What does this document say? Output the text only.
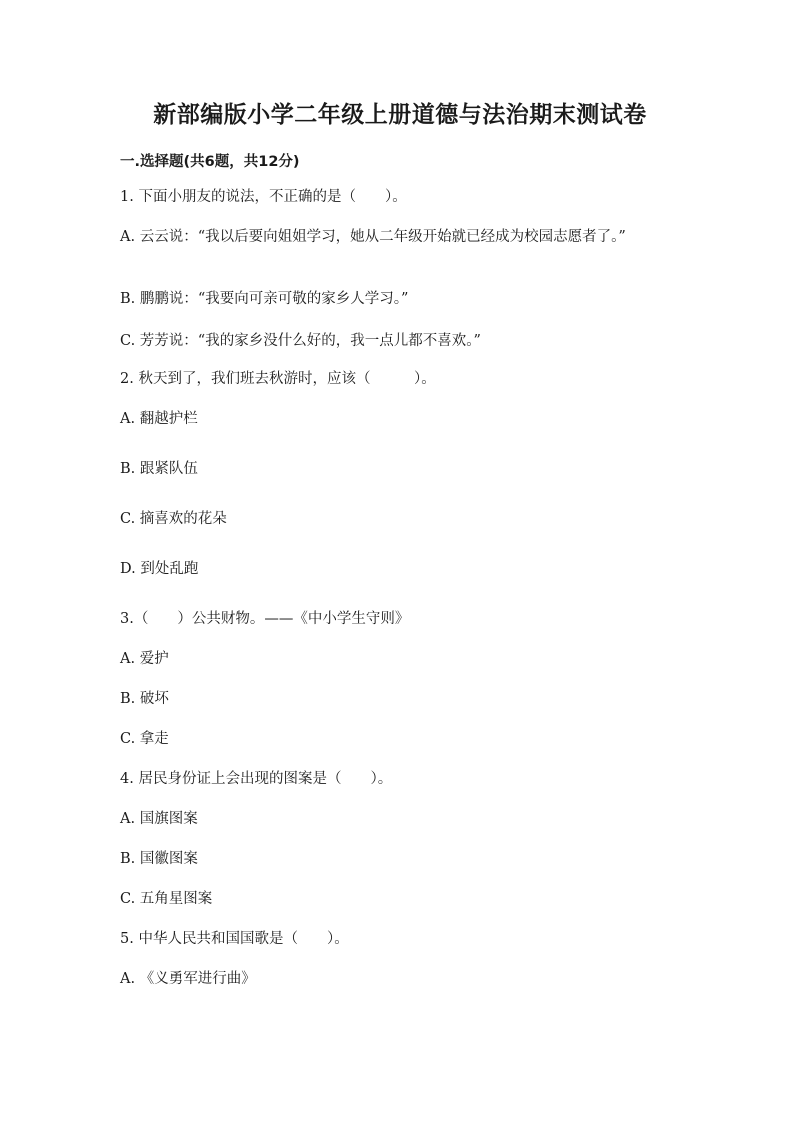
新部编版小学二年级上册道德与法治期末测试卷
一.选择题(共6题，共12分)
1. 下面小朋友的说法，不正确的是（　　）。
A. 云云说：“我以后要向姐姐学习，她从二年级开始就已经成为校园志愿者了。”
B. 鹏鹏说：“我要向可亲可敬的家乡人学习。”
C. 芳芳说：“我的家乡没什么好的，我一点儿都不喜欢。”
2. 秋天到了，我们班去秋游时，应该（　　　）。
A. 翻越护栏
B. 跟紧队伍
C. 摘喜欢的花朵
D. 到处乱跑
3.（　　）公共财物。——《中小学生守则》
A. 爱护
B. 破坏
C. 拿走
4. 居民身份证上会出现的图案是（　　）。
A. 国旗图案
B. 国徽图案
C. 五角星图案
5. 中华人民共和国国歌是（　　）。
A. 《义勇军进行曲》
